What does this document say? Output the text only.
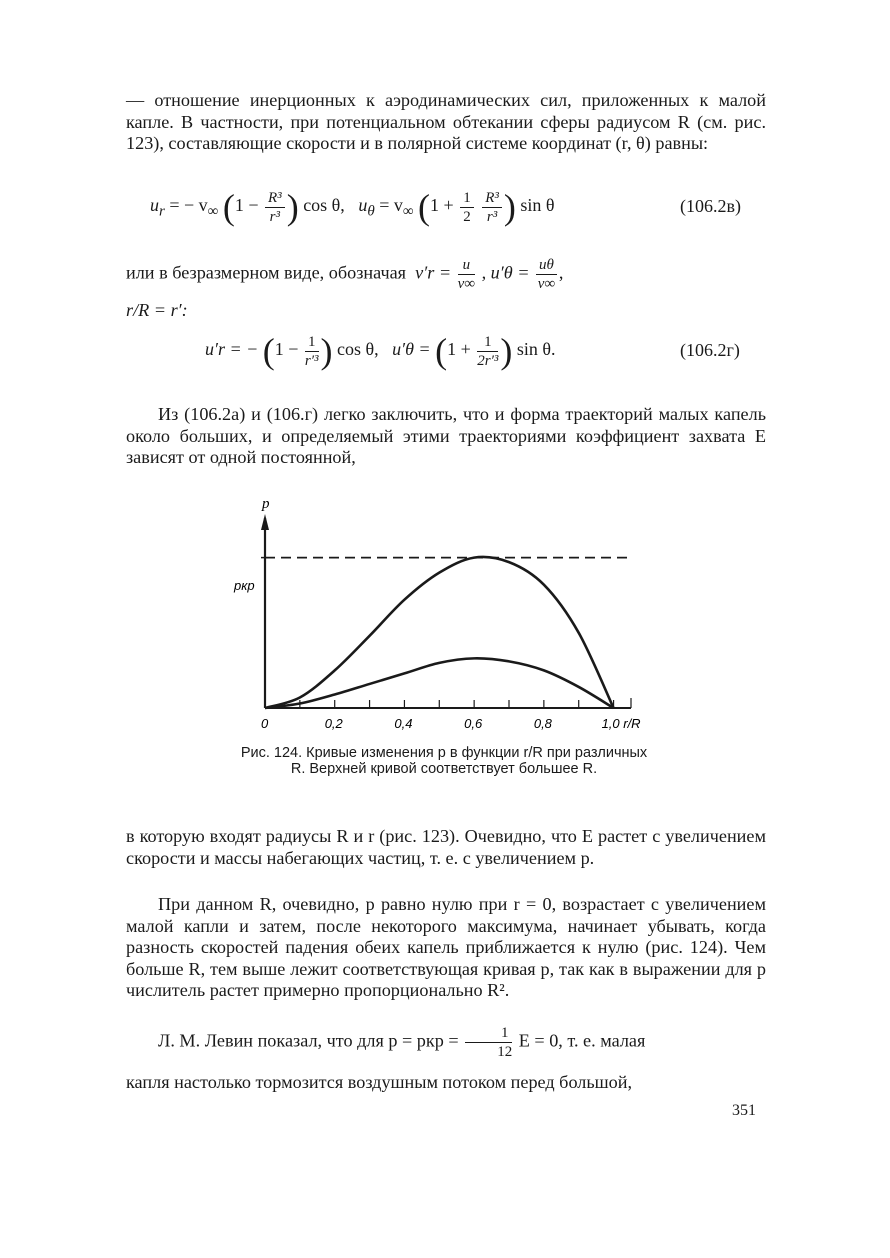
— отношение инерционных к аэродинамических сил, приложенных к малой капле. В частности, при потенциальном обтекании сферы радиусом R (см. рис. 123), составляющие скорости и в полярной системе координат (r, θ) равны:
$u_r$ = − $v_\infty$ ($1 - \frac{\text{R³}}{\text{r³}}$ ) cos θ, $u_\theta = v_\infty$ ($1 + \frac{1}{2}$
$\frac{\text{R³}}{\text{r³}}$ ) sin θ	(106.2в)
или в безразмерном виде, обозначая $v'r = \frac{u}{v\infty}$ , $u'\theta = \frac{u\theta}{v\infty}$ ,
r/R = r′:
u′r = − ($1 - \frac{1}{\text{r′³}}$ ) cos θ, $u'\theta = (1 + \frac{1}{\text{2r′³}}$ ) sin θ.	(106.2г)
Из (106.2а) и (106.г) легко заключить, что и форма траекторий малых капель около больших, и определяемый этими траекториями коэффициент захвата E зависят от одной постоянной,
p
pкр
0	0,2	0,4	0,6	0,8	1,0 r/R
Рис. 124. Кривые изменения p в функции r/R при различных R. Верхней кривой соответствует большее R.
в которую входят радиусы R и r (рис. 123). Очевидно, что E растет с увеличением скорости и массы набегающих частиц, т. е. с увеличением p.
При данном R, очевидно, p равно нулю при r = 0, возрастает с увеличением малой капли и затем, после некоторого максимума, начинает убывать, когда разность скоростей падения обеих капель приближается к нулю (рис. 124). Чем больше R, тем выше лежит соответствующая кривая p, так как в выражении для p числитель растет примерно пропорционально R².
Л. М. Левин показал, что для p = pкр = $\frac{1}{12}$ E = 0, т. е. малая
капля настолько тормозится воздушным потоком перед большой,
351
